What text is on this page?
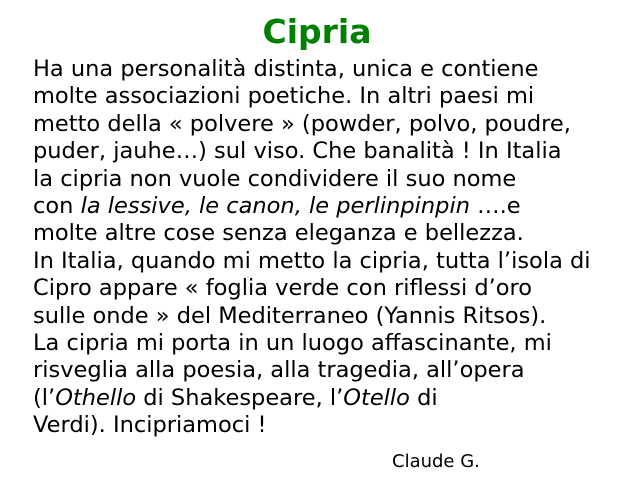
Cipria
Ha una personalità distinta, unica e contiene
molte associazioni poetiche. In altri paesi mi
metto della « polvere » (powder, polvo, poudre,
puder, jauhe…) sul viso. Che banalità ! In Italia
la cipria non vuole condividere il suo nome
con la lessive, le canon, le perlinpinpin ….e
molte altre cose senza eleganza e bellezza.
In Italia, quando mi metto la cipria, tutta l’isola di
Cipro appare « foglia verde con riflessi d’oro
sulle onde » del Mediterraneo (Yannis Ritsos).
La cipria mi porta in un luogo affascinante, mi
risveglia alla poesia, alla tragedia, all’opera
(l’Othello di Shakespeare, l’Otello di
Verdi). Incipriamoci !
Claude G.
